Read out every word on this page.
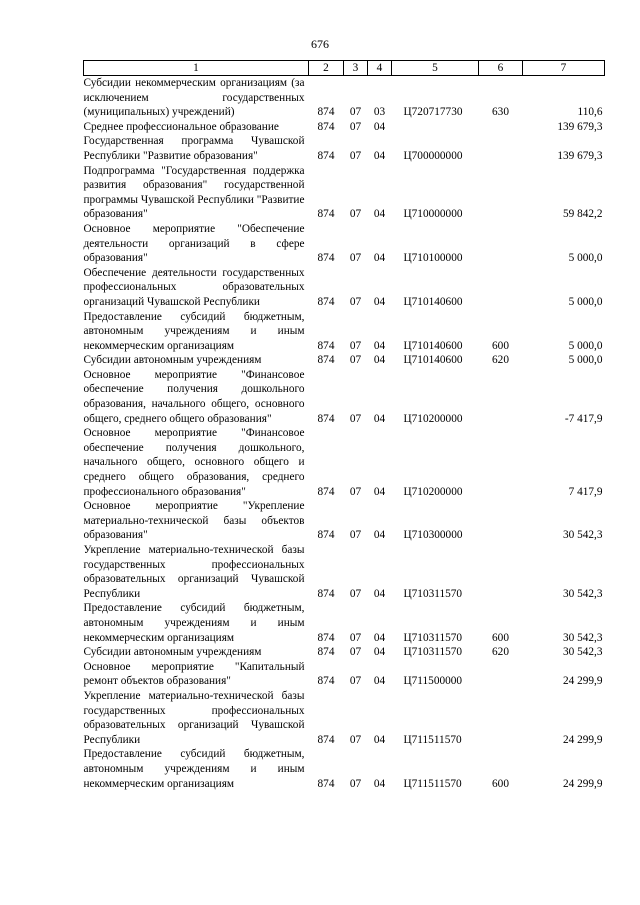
676
1	2	3	4	5	6	7
Субсидии некоммерческим организациям (за исключением государственных (муниципальных) учреждений)	874	07	03	Ц720717730	630	110,6
Среднее профессиональное образование	874	07	04			139 679,3
Государственная программа Чувашской Республики "Развитие образования"	874	07	04	Ц700000000		139 679,3
Подпрограмма "Государственная поддержка развития образования" государственной программы Чувашской Республики "Развитие образования"	874	07	04	Ц710000000		59 842,2
Основное мероприятие "Обеспечение деятельности организаций в сфере образования"	874	07	04	Ц710100000		5 000,0
Обеспечение деятельности государственных профессиональных образовательных организаций Чувашской Республики	874	07	04	Ц710140600		5 000,0
Предоставление субсидий бюджетным, автономным учреждениям и иным некоммерческим организациям	874	07	04	Ц710140600	600	5 000,0
Субсидии автономным учреждениям	874	07	04	Ц710140600	620	5 000,0
Основное мероприятие "Финансовое обеспечение получения дошкольного образования, начального общего, основного общего, среднего общего образования"	874	07	04	Ц710200000		-7 417,9
Основное мероприятие "Финансовое обеспечение получения дошкольного, начального общего, основного общего и среднего общего образования, среднего профессионального образования"	874	07	04	Ц710200000		7 417,9
Основное мероприятие "Укрепление материально-технической базы объектов образования"	874	07	04	Ц710300000		30 542,3
Укрепление материально-технической базы государственных профессиональных образовательных организаций Чувашской Республики	874	07	04	Ц710311570		30 542,3
Предоставление субсидий бюджетным, автономным учреждениям и иным некоммерческим организациям	874	07	04	Ц710311570	600	30 542,3
Субсидии автономным учреждениям	874	07	04	Ц710311570	620	30 542,3
Основное мероприятие "Капитальный ремонт объектов образования"	874	07	04	Ц711500000		24 299,9
Укрепление материально-технической базы государственных профессиональных образовательных организаций Чувашской Республики	874	07	04	Ц711511570		24 299,9
Предоставление субсидий бюджетным, автономным учреждениям и иным некоммерческим организациям	874	07	04	Ц711511570	600	24 299,9
